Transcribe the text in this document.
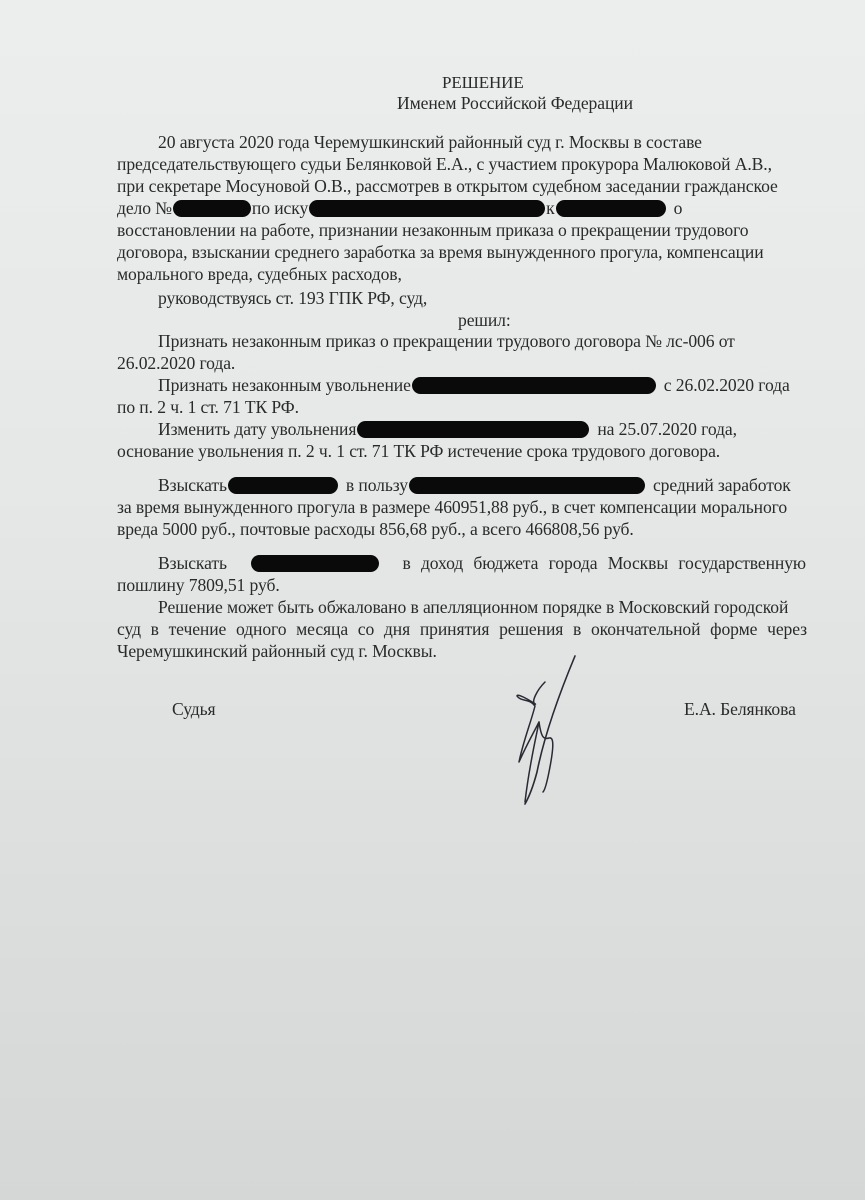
РЕШЕНИЕ
Именем Российской Федерации
20 августа 2020 года Черемушкинский районный суд г. Москвы в составе
председательствующего судьи Белянковой Е.А., с участием прокурора Малюковой А.В.,
при секретаре Мосуновой О.В., рассмотрев в открытом судебном заседании гражданское
дело №	по иску	к	о
восстановлении на работе, признании незаконным приказа о прекращении трудового
договора, взыскании среднего заработка за время вынужденного прогула, компенсации
морального вреда, судебных расходов,
руководствуясь ст. 193 ГПК РФ, суд,
решил:
Признать незаконным приказ о прекращении трудового договора № лс-006 от
26.02.2020 года.
Признать незаконным увольнение	с 26.02.2020 года
по п. 2 ч. 1 ст. 71 ТК РФ.
Изменить дату увольнения	на 25.07.2020 года,
основание увольнения п. 2 ч. 1 ст. 71 ТК РФ истечение срока трудового договора.
Взыскать	в пользу	средний заработок
за время вынужденного прогула в размере 460951,88 руб., в счет компенсации морального
вреда 5000 руб., почтовые расходы 856,68 руб., а всего 466808,56 руб.
Взыскать	в доход бюджета города Москвы государственную
пошлину 7809,51 руб.
Решение может быть обжаловано в апелляционном порядке в Московский городской
суд в течение одного месяца со дня принятия решения в окончательной форме через
Черемушкинский районный суд г. Москвы.
Судья	Е.А. Белянкова
